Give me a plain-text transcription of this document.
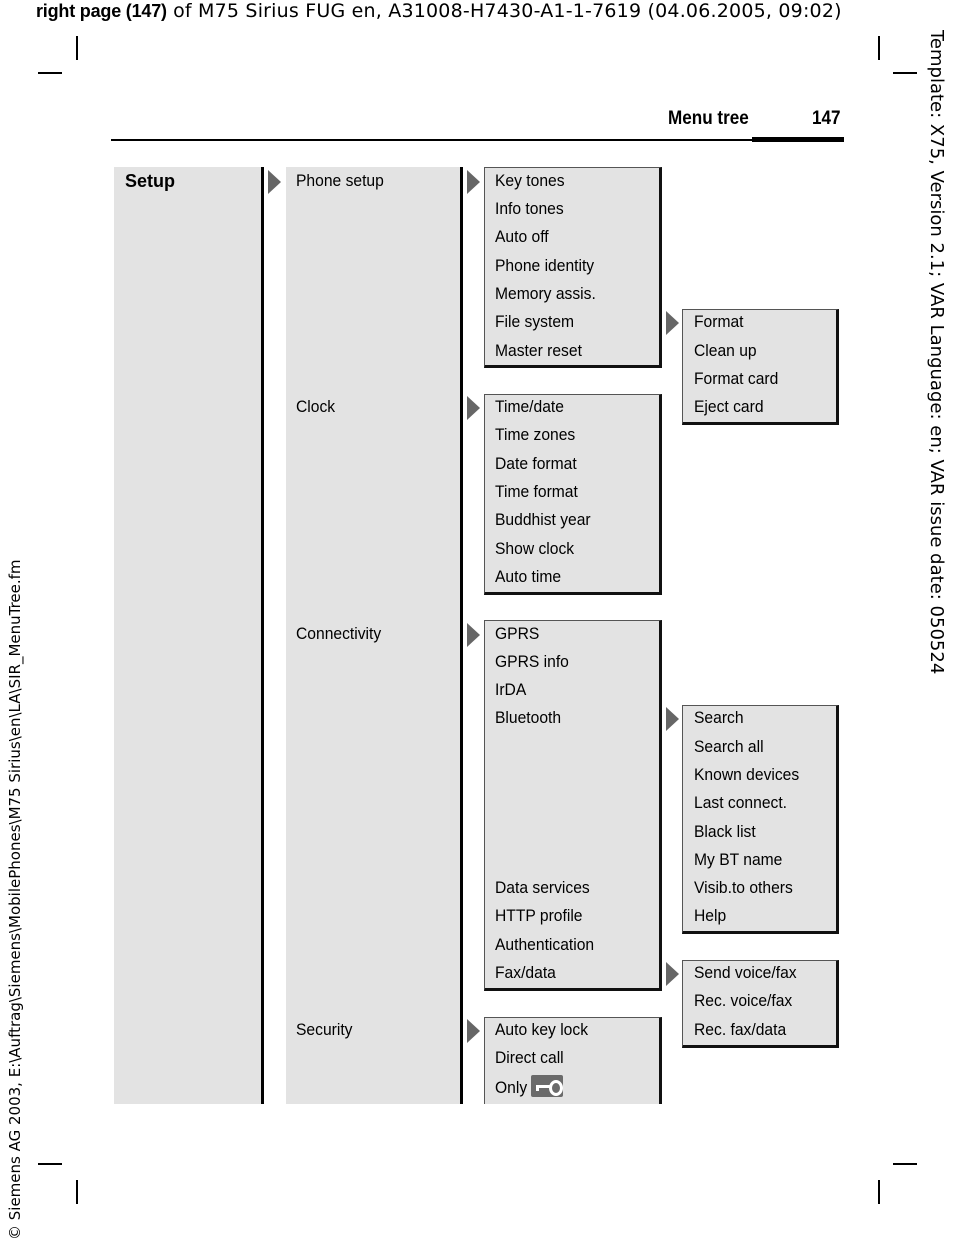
right page (147) of M75 Sirius FUG en, A31008-H7430-A1-1-7619 (04.06.2005, 09:02)
Template: X75, Version 2.1; VAR Language: en; VAR issue date: 050524
© Siemens AG 2003, E:\Auftrag\Siemens\MobilePhones\M75 Sirius\en\LA\SIR_MenuTree.fm
Menu tree	147
Setup	Phone setup
Clock
Connectivity
Security
Key tones
Info tones
Auto off
Phone identity
Memory assis.
File system
Master reset
Format
Clean up
Format card
Eject card
Time/date
Time zones
Date format
Time format
Buddhist year
Show clock
Auto time
GPRS
GPRS info
IrDA
Bluetooth
Data services
HTTP profile
Authentication
Fax/data
Search
Search all
Known devices
Last connect.
Black list
My BT name
Visib.to others
Help
Send voice/fax
Rec. voice/fax
Rec. fax/data
Auto key lock
Direct call
Only
